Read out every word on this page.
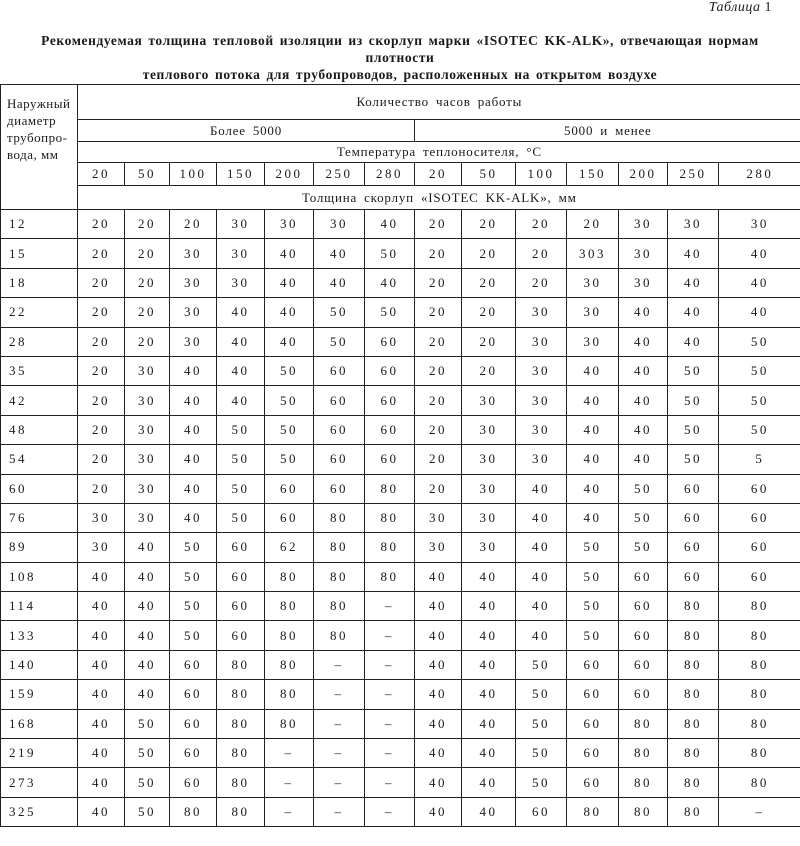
Таблица 1
Рекомендуемая толщина тепловой изоляции из скорлуп марки «ISOTEC KK-ALK», отвечающая нормам плотности
теплового потока для трубопроводов, расположенных на открытом воздухе
Наружный
диаметр
трубопро-
вода, мм	Количество часов работы													
	Более 5000							5000 и менее						
	Температура теплоносителя, °С													
	20	50	100	150	200	250	280	20	50	100	150	200	250	280
	Толщина скорлуп «ISOTEC KK-ALK», мм													
12	20	20	20	30	30	30	40	20	20	20	20	30	30	30
15	20	20	30	30	40	40	50	20	20	20	303	30	40	40
18	20	20	30	30	40	40	40	20	20	20	30	30	40	40
22	20	20	30	40	40	50	50	20	20	30	30	40	40	40
28	20	20	30	40	40	50	60	20	20	30	30	40	40	50
35	20	30	40	40	50	60	60	20	20	30	40	40	50	50
42	20	30	40	40	50	60	60	20	30	30	40	40	50	50
48	20	30	40	50	50	60	60	20	30	30	40	40	50	50
54	20	30	40	50	50	60	60	20	30	30	40	40	50	5
60	20	30	40	50	60	60	80	20	30	40	40	50	60	60
76	30	30	40	50	60	80	80	30	30	40	40	50	60	60
89	30	40	50	60	62	80	80	30	30	40	50	50	60	60
108	40	40	50	60	80	80	80	40	40	40	50	60	60	60
114	40	40	50	60	80	80	–	40	40	40	50	60	80	80
133	40	40	50	60	80	80	–	40	40	40	50	60	80	80
140	40	40	60	80	80	–	–	40	40	50	60	60	80	80
159	40	40	60	80	80	–	–	40	40	50	60	60	80	80
168	40	50	60	80	80	–	–	40	40	50	60	80	80	80
219	40	50	60	80	–	–	–	40	40	50	60	80	80	80
273	40	50	60	80	–	–	–	40	40	50	60	80	80	80
325	40	50	80	80	–	–	–	40	40	60	80	80	80	–
